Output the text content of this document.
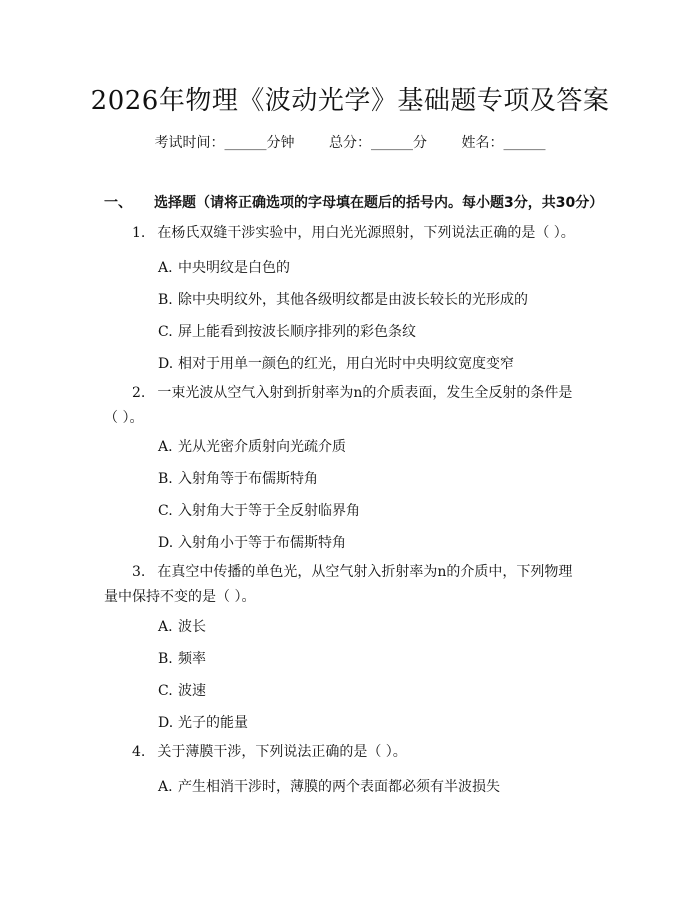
2026年物理《波动光学》基础题专项及答案
考试时间：______分钟 总分：______分 姓名：______
一、 选择题（请将正确选项的字母填在题后的括号内。每小题3分，共30分）
1. 在杨氏双缝干涉实验中，用白光光源照射，下列说法正确的是（ ）。
A. 中央明纹是白色的
B. 除中央明纹外，其他各级明纹都是由波长较长的光形成的
C. 屏上能看到按波长顺序排列的彩色条纹
D. 相对于用单一颜色的红光，用白光时中央明纹宽度变窄
2. 一束光波从空气入射到折射率为n的介质表面，发生全反射的条件是（ ）。
A. 光从光密介质射向光疏介质
B. 入射角等于布儒斯特角
C. 入射角大于等于全反射临界角
D. 入射角小于等于布儒斯特角
3. 在真空中传播的单色光，从空气射入折射率为n的介质中，下列物理量中保持不变的是（ ）。
A. 波长
B. 频率
C. 波速
D. 光子的能量
4. 关于薄膜干涉，下列说法正确的是（ ）。
A. 产生相消干涉时，薄膜的两个表面都必须有半波损失
